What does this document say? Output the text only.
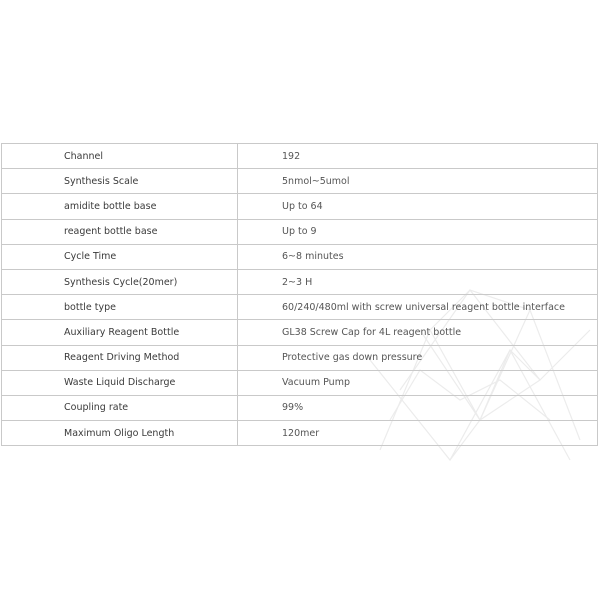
Channel	192
Synthesis Scale	5nmol~5umol
amidite bottle base	Up to 64
reagent bottle base	Up to 9
Cycle Time	6~8 minutes
Synthesis Cycle(20mer)	2~3 H
bottle type	60/240/480ml with screw universal reagent bottle interface
Auxiliary Reagent Bottle	GL38 Screw Cap for 4L reagent bottle
Reagent Driving Method	Protective gas down pressure
Waste Liquid Discharge	Vacuum Pump
Coupling rate	99%
Maximum Oligo Length	120mer
